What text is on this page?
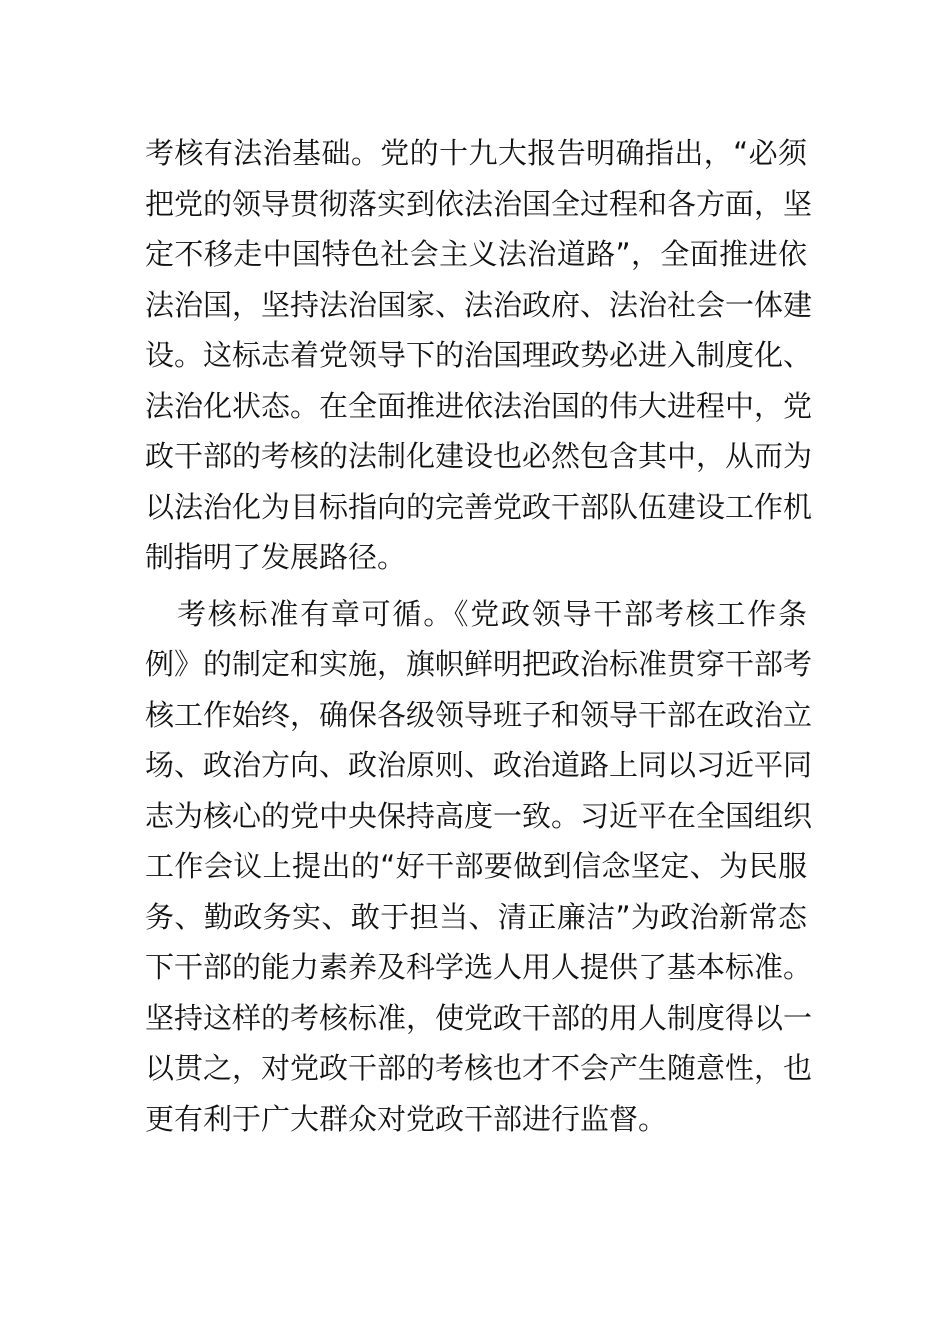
考核有法治基础。党的十九大报告明确指出，“必须
把党的领导贯彻落实到依法治国全过程和各方面，坚
定不移走中国特色社会主义法治道路”，全面推进依
法治国，坚持法治国家、法治政府、法治社会一体建
设。这标志着党领导下的治国理政势必进入制度化、
法治化状态。在全面推进依法治国的伟大进程中，党
政干部的考核的法制化建设也必然包含其中，从而为
以法治化为目标指向的完善党政干部队伍建设工作机
制指明了发展路径。
考核标准有章可循。《党政领导干部考核工作条
例》的制定和实施，旗帜鲜明把政治标准贯穿干部考
核工作始终，确保各级领导班子和领导干部在政治立
场、政治方向、政治原则、政治道路上同以习近平同
志为核心的党中央保持高度一致。习近平在全国组织
工作会议上提出的“好干部要做到信念坚定、为民服
务、勤政务实、敢于担当、清正廉洁”为政治新常态
下干部的能力素养及科学选人用人提供了基本标准。
坚持这样的考核标准，使党政干部的用人制度得以一
以贯之，对党政干部的考核也才不会产生随意性，也
更有利于广大群众对党政干部进行监督。
